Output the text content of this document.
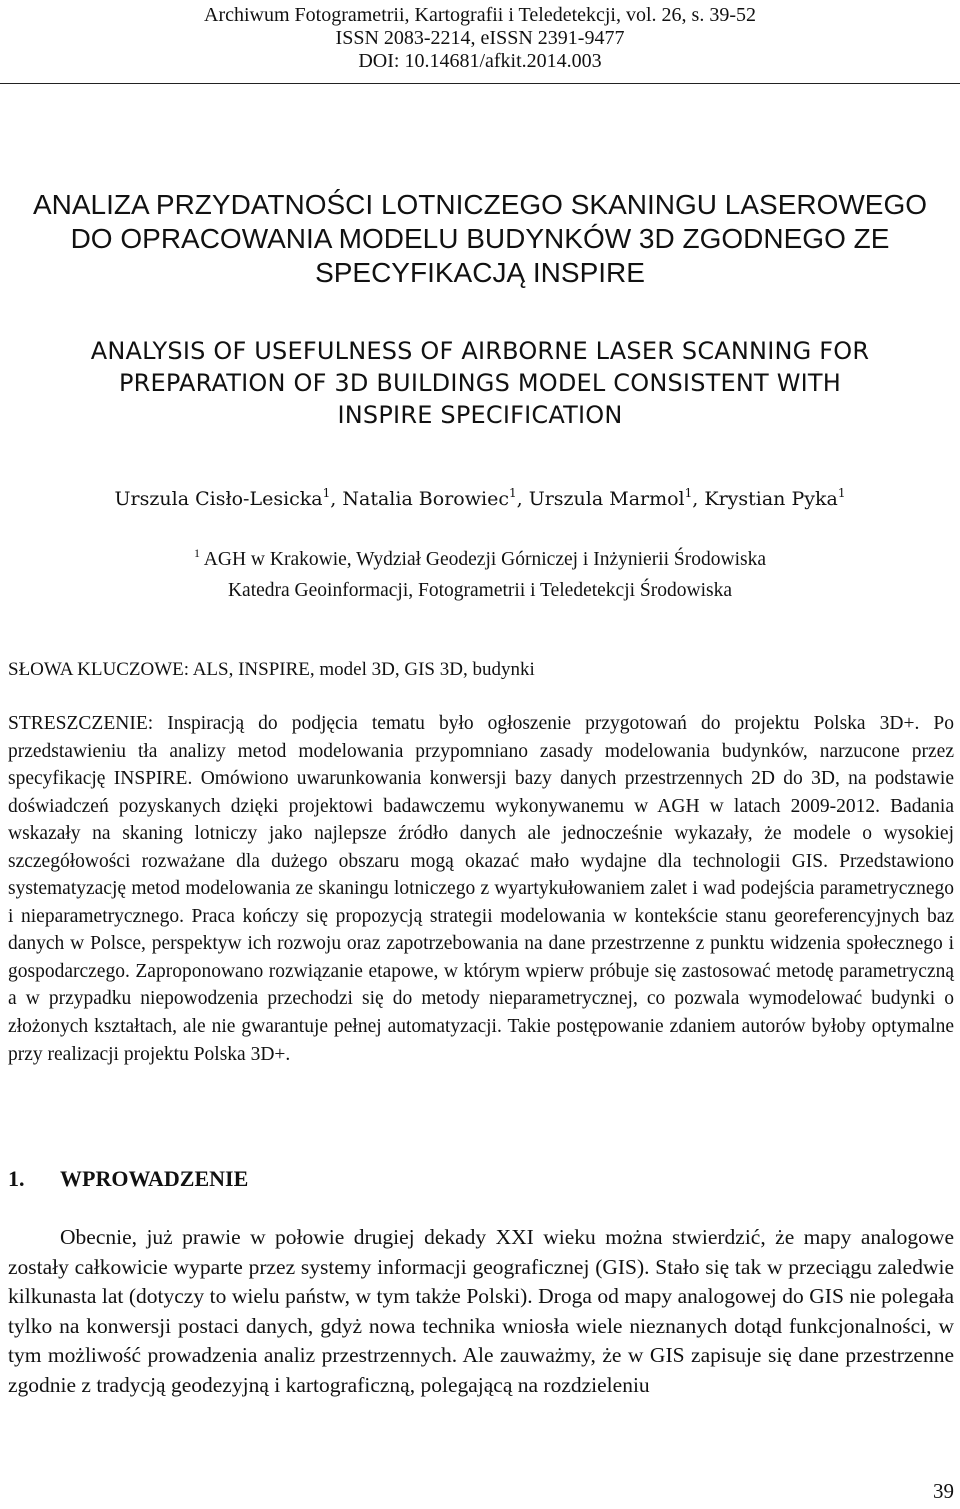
Archiwum Fotogrametrii, Kartografii i Teledetekcji, vol. 26, s. 39-52
ISSN 2083-2214, eISSN 2391-9477
DOI: 10.14681/afkit.2014.003
ANALIZA PRZYDATNOŚCI LOTNICZEGO SKANINGU LASEROWEGO
DO OPRACOWANIA MODELU BUDYNKÓW 3D ZGODNEGO ZE
SPECYFIKACJĄ INSPIRE
ANALYSIS OF USEFULNESS OF AIRBORNE LASER SCANNING FOR
PREPARATION OF 3D BUILDINGS MODEL CONSISTENT WITH
INSPIRE SPECIFICATION
Urszula Cisło-Lesicka$^1$, Natalia Borowiec$^1$, Urszula Marmol$^1$, Krystian Pyka$^1$
$^1$ AGH w Krakowie, Wydział Geodezji Górniczej i Inżynierii Środowiska
Katedra Geoinformacji, Fotogrametrii i Teledetekcji Środowiska
SŁOWA KLUCZOWE: ALS, INSPIRE, model 3D, GIS 3D, budynki
STRESZCZENIE: Inspiracją do podjęcia tematu było ogłoszenie przygotowań do projektu Polska 3D+. Po przedstawieniu tła analizy metod modelowania przypomniano zasady modelowania budynków, narzucone przez specyfikację INSPIRE. Omówiono uwarunkowania konwersji bazy danych przestrzennych 2D do 3D, na podstawie doświadczeń pozyskanych dzięki projektowi badawczemu wykonywanemu w AGH w latach 2009-2012. Badania wskazały na skaning lotniczy jako najlepsze źródło danych ale jednocześnie wykazały, że modele o wysokiej szczegółowości rozważane dla dużego obszaru mogą okazać mało wydajne dla technologii GIS. Przedstawiono systematyzację metod modelowania ze skaningu lotniczego z wyartykułowaniem zalet i wad podejścia parametrycznego i nieparametrycznego. Praca kończy się propozycją strategii modelowania w kontekście stanu georeferencyjnych baz danych w Polsce, perspektyw ich rozwoju oraz zapotrzebowania na dane przestrzenne z punktu widzenia społecznego i gospodarczego. Zaproponowano rozwiązanie etapowe, w którym wpierw próbuje się zastosować metodę parametryczną a w przypadku niepowodzenia przechodzi się do metody nieparametrycznej, co pozwala wymodelować budynki o złożonych kształtach, ale nie gwarantuje pełnej automatyzacji. Takie postępowanie zdaniem autorów byłoby optymalne przy realizacji projektu Polska 3D+.
1. WPROWADZENIE
Obecnie, już prawie w połowie drugiej dekady XXI wieku można stwierdzić, że mapy analogowe zostały całkowicie wyparte przez systemy informacji geograficznej (GIS). Stało się tak w przeciągu zaledwie kilkunasta lat (dotyczy to wielu państw, w tym także Polski). Droga od mapy analogowej do GIS nie polegała tylko na konwersji postaci danych, gdyż nowa technika wniosła wiele nieznanych dotąd funkcjonalności, w tym możliwość prowadzenia analiz przestrzennych. Ale zauważmy, że w GIS zapisuje się dane przestrzenne zgodnie z tradycją geodezyjną i kartograficzną, polegającą na rozdzieleniu
39
